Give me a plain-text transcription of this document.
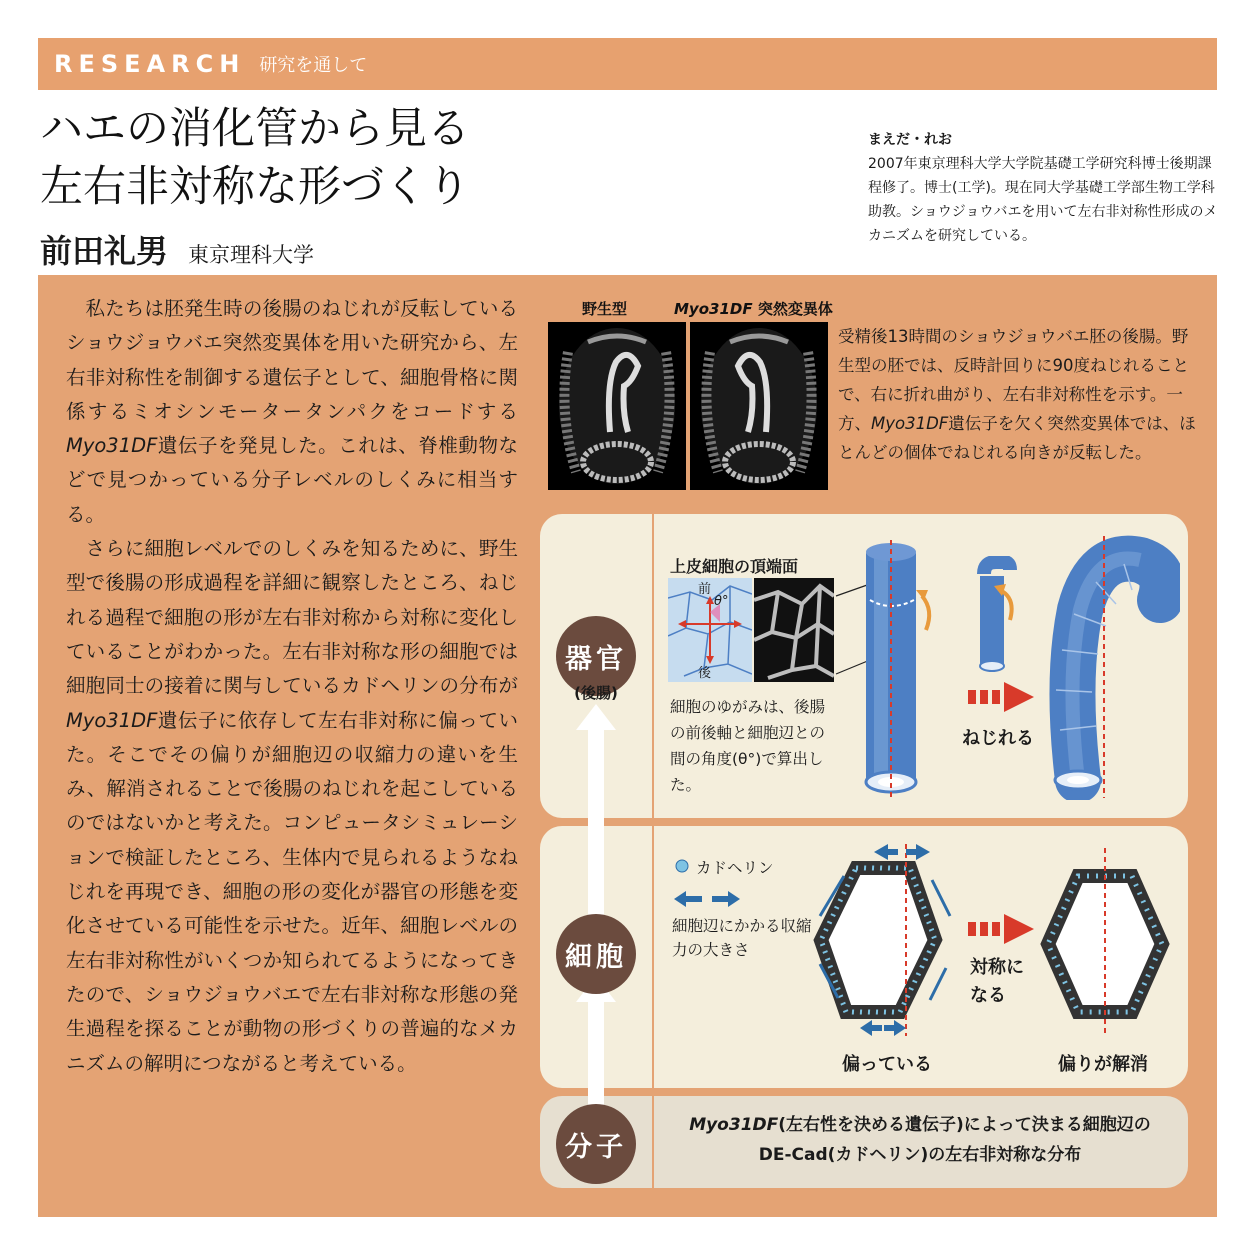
RESEARCH 研究を通して
ハエの消化管から見る
左右非対称な形づくり
前田礼男 東京理科大学
まえだ・れお
2007年東京理科大学大学院基礎工学研究科博士後期課程修了。博士(工学)。現在同大学基礎工学部生物工学科助教。ショウジョウバエを用いて左右非対称性形成のメカニズムを研究している。

私たちは胚発生時の後腸のねじれが反転しているショウジョウバエ突然変異体を用いた研究から、左右非対称性を制御する遺伝子として、細胞骨格に関係するミオシンモータータンパクをコードするMyo31DF遺伝子を発見した。これは、脊椎動物などで見つかっている分子レベルのしくみに相当する。

さらに細胞レベルでのしくみを知るために、野生型で後腸の形成過程を詳細に観察したところ、ねじれる過程で細胞の形が左右非対称から対称に変化していることがわかった。左右非対称な形の細胞では細胞同士の接着に関与しているカドヘリンの分布がMyo31DF遺伝子に依存して左右非対称に偏っていた。そこでその偏りが細胞辺の収縮力の違いを生み、解消されることで後腸のねじれを起こしているのではないかと考えた。コンピュータシミュレーションで検証したところ、生体内で見られるようなねじれを再現でき、細胞の形の変化が器官の形態を変化させている可能性を示せた。近年、細胞レベルの左右非対称性がいくつか知られてるようになってきたので、ショウジョウバエで左右非対称な形態の発生過程を探ることが動物の形づくりの普遍的なメカニズムの解明につながると考えている。

野生型	Myo31DF 突然変異体
受精後13時間のショウジョウバエ胚の後腸。野生型の胚では、反時計回りに90度ねじれることで、右に折れ曲がり、左右非対称性を示す。一方、Myo31DF遺伝子を欠く突然変異体では、ほとんどの個体でねじれる向きが反転した。
器官
(後腸)
細胞
分子
上皮細胞の頂端面
前
θ°
後
ねじれる
細胞のゆがみは、後腸の前後軸と細胞辺との間の角度(θ°)で算出した。
カドヘリン
細胞辺にかかる収縮力の大きさ
偏っている
対称になる
偏りが解消
Myo31DF(左右性を決める遺伝子)によって決まる細胞辺の
DE-Cad(カドヘリン)の左右非対称な分布
